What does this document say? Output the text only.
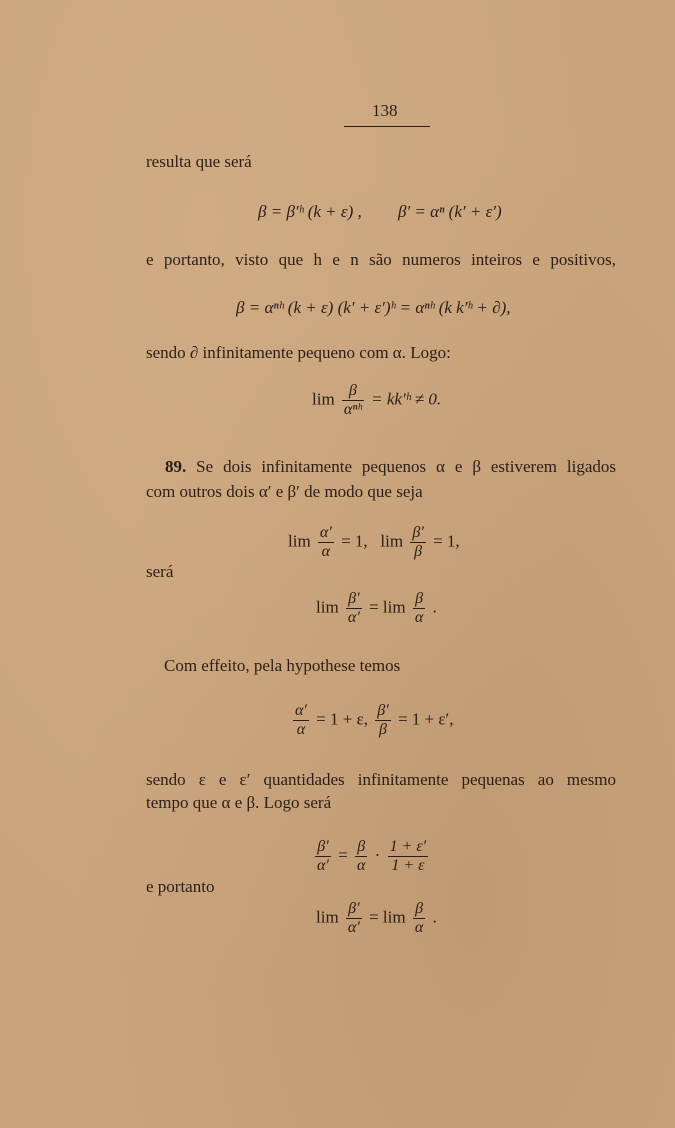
138
resulta que será
β = β′ʰ (k + ε) , β′ = αⁿ (k′ + ε′)
e portanto, visto que h e n são numeros inteiros e positivos,
β = αⁿʰ (k + ε) (k′ + ε′)ʰ = αⁿʰ (k k′ʰ + ∂),
sendo ∂ infinitamente pequeno com α. Logo:
$\lim \frac{\beta}{\text{αⁿʰ}}$ = kk′ʰ ≠ 0.
89. Se dois infinitamente pequenos α e β estiverem ligados
com outros dois α′ e β′ de modo que seja
$\lim \frac{\alpha'}{\alpha} = 1$, $\lim \frac{\beta'}{\beta} = 1$,
será
$\lim \frac{\beta'}{\alpha'} = \lim \frac{\beta}{\alpha}$ .
Com effeito, pela hypothese temos
$\frac{\alpha'}{\alpha} = 1 + \varepsilon$, $\frac{\beta'}{\beta} = 1 + \varepsilon'$,
sendo ε e ε′ quantidades infinitamente pequenas ao mesmo
tempo que α e β. Logo será
$\frac{\beta'}{\alpha'} = \frac{\beta}{\alpha} \cdot \frac{1 + \varepsilon'}{1 + \varepsilon}$
e portanto
$\lim \frac{\beta'}{\alpha'} = \lim \frac{\beta}{\alpha}$ .
